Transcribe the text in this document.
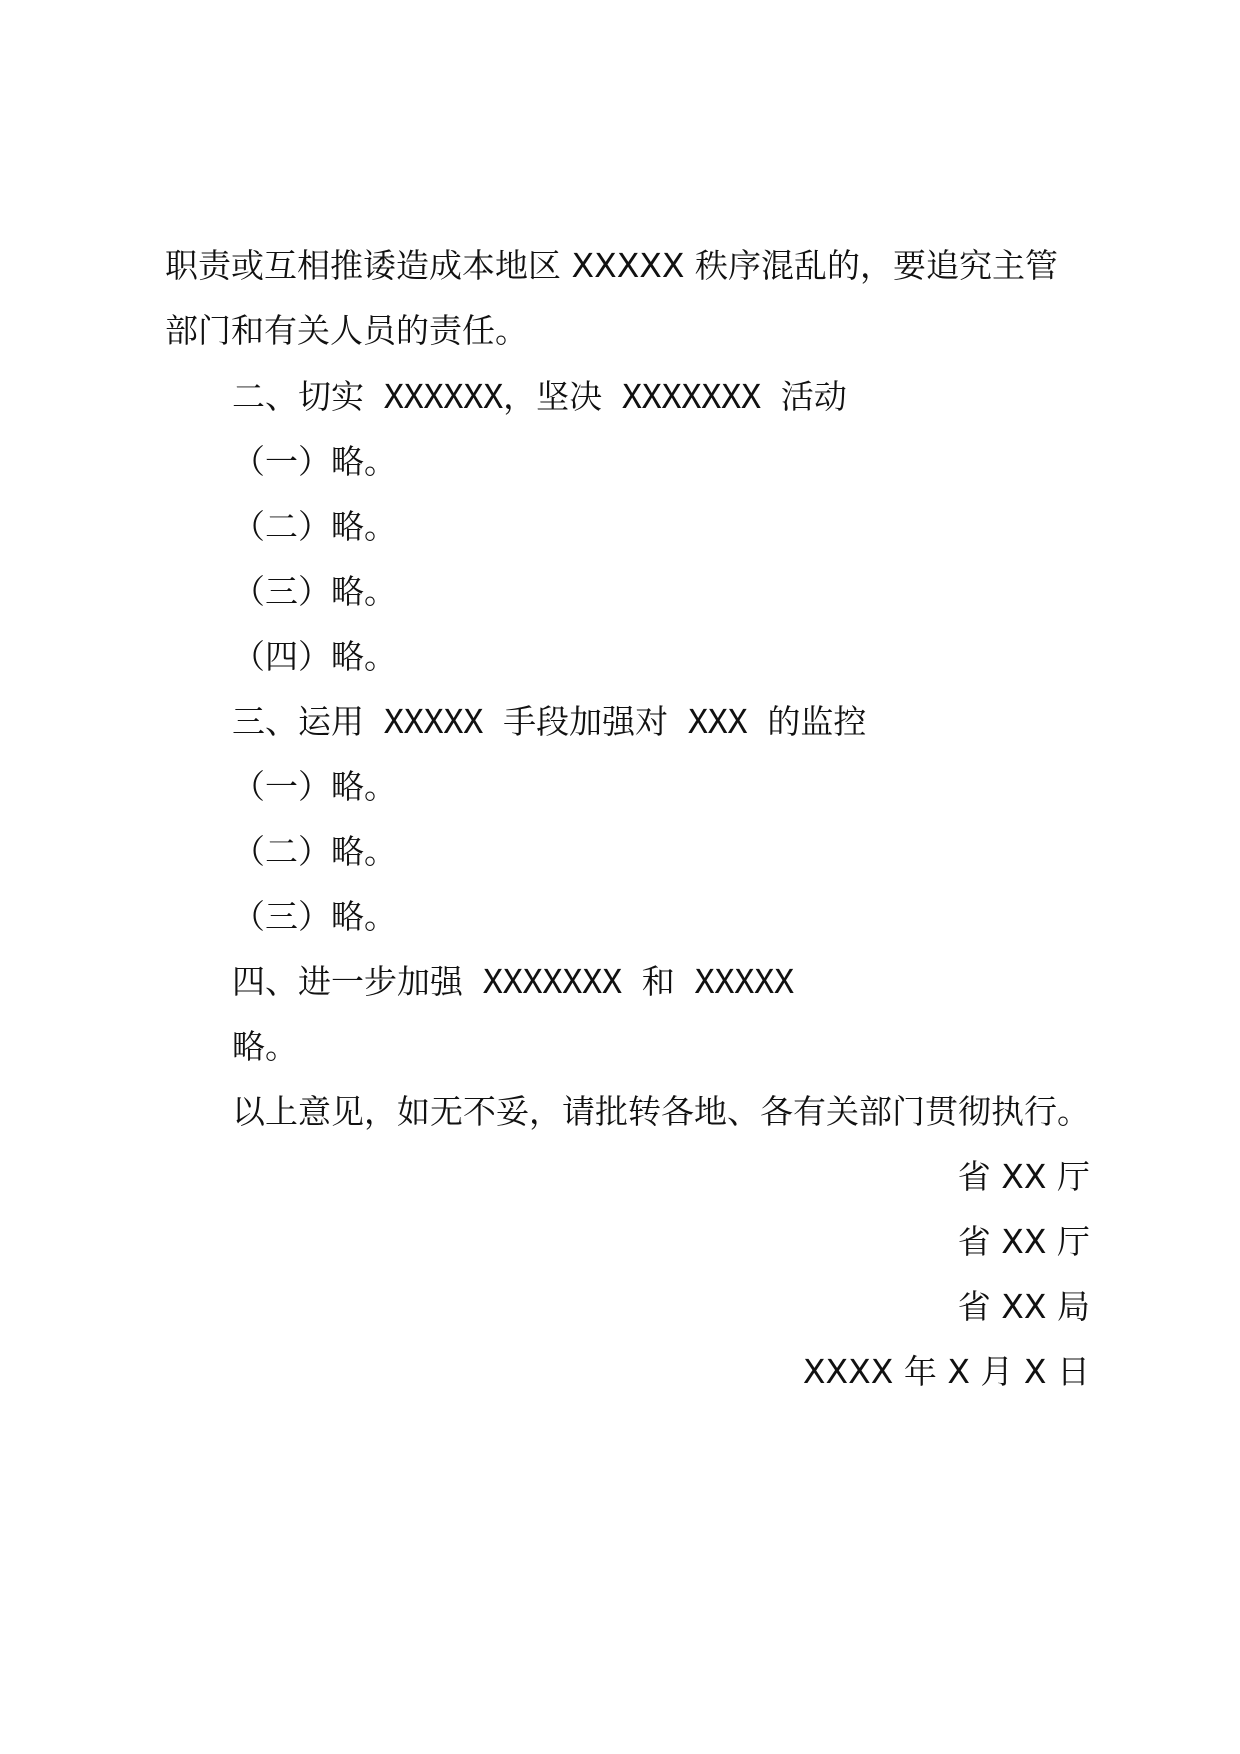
职责或互相推诿造成本地区 XXXXX 秩序混乱的，要追究主管
部门和有关人员的责任。
二、切实 XXXXXX，坚决 XXXXXXX 活动
（一）略。
（二）略。
（三）略。
（四）略。
三、运用 XXXXX 手段加强对 XXX 的监控
（一）略。
（二）略。
（三）略。
四、进一步加强 XXXXXXX 和 XXXXX
略。
以上意见，如无不妥，请批转各地、各有关部门贯彻执行。
省 XX 厅
省 XX 厅
省 XX 局
XXXX 年 X 月 X 日
